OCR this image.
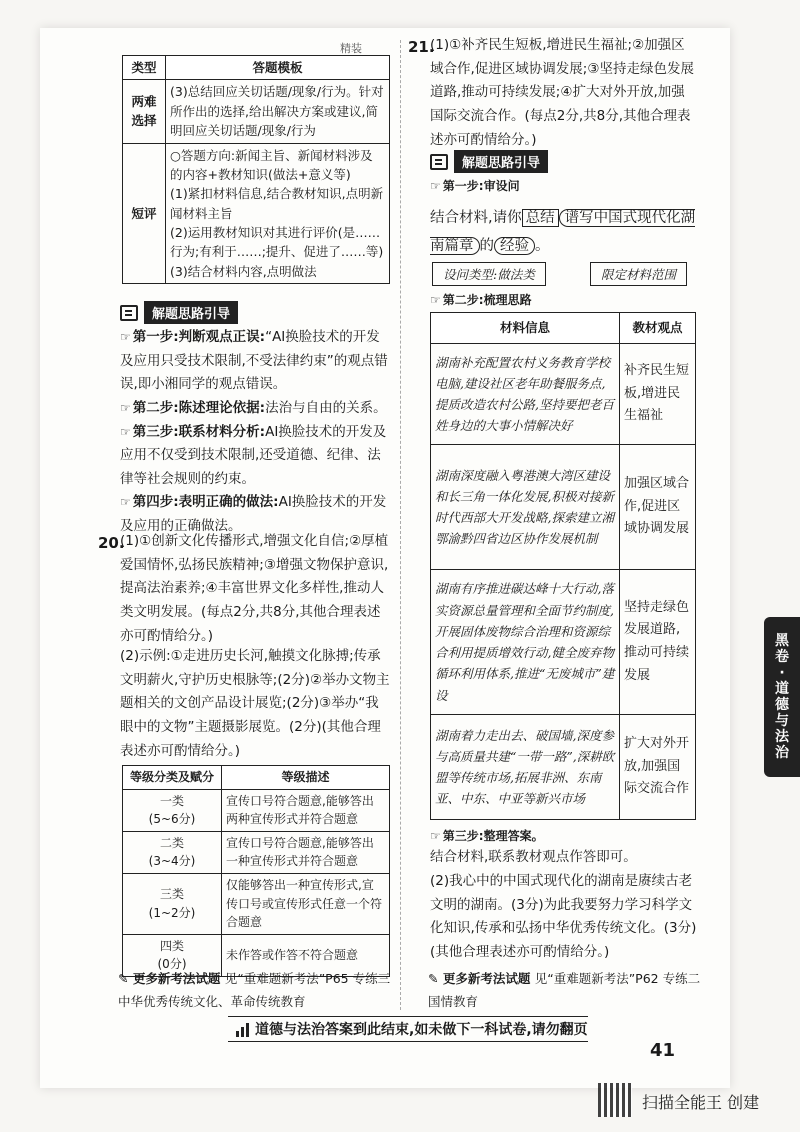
精装
类型	答题模板
两难
选择	(3)总结回应关切话题/现象/行为。针对所作出的选择,给出解决方案或建议,简明回应关切话题/现象/行为
短评	○答题方向:新闻主旨、新闻材料涉及的内容+教材知识(做法+意义等)
(1)紧扣材料信息,结合教材知识,点明新闻材料主旨
(2)运用教材知识对其进行评价(是……行为;有利于……;提升、促进了……等)
(3)结合材料内容,点明做法
解题思路引导
☞ 第一步:判断观点正误:“AI换脸技术的开发及应用只受技术限制,不受法律约束”的观点错误,即小湘同学的观点错误。
☞ 第二步:陈述理论依据:法治与自由的关系。
☞ 第三步:联系材料分析:AI换脸技术的开发及应用不仅受到技术限制,还受道德、纪律、法律等社会规则的约束。
☞ 第四步:表明正确的做法:AI换脸技术的开发及应用的正确做法。
20.
(1)①创新文化传播形式,增强文化自信;②厚植爱国情怀,弘扬民族精神;③增强文物保护意识,提高法治素养;④丰富世界文化多样性,推动人类文明发展。(每点2分,共8分,其他合理表述亦可酌情给分。)
(2)示例:①走进历史长河,触摸文化脉搏;传承文明薪火,守护历史根脉等;(2分)②举办文物主题相关的文创产品设计展览;(2分)③举办“我眼中的文物”主题摄影展览。(2分)(其他合理表述亦可酌情给分。)
等级分类及赋分	等级描述

一类
(5~6分)	宣传口号符合题意,能够答出两种宣传形式并符合题意

二类
(3~4分)	宣传口号符合题意,能够答出一种宣传形式并符合题意

三类
(1~2分)	仅能够答出一种宣传形式,宣传口号或宣传形式任意一个符合题意

四类
(0分)	未作答或作答不符合题意
✎ 更多新考法试题 见“重难题新考法”P65 专练三 中华优秀传统文化、革命传统教育
21.
(1)①补齐民生短板,增进民生福祉;②加强区域合作,促进区域协调发展;③坚持走绿色发展道路,推动可持续发展;④扩大对外开放,加强国际交流合作。(每点2分,共8分,其他合理表述亦可酌情给分。)
解题思路引导
☞ 第一步:审设问
结合材料,请你 总结 谱写中国式现代化湖南篇章 的 经验 。
设问类型:做法类	限定材料范围
☞ 第二步:梳理思路
材料信息	教材观点
湖南补充配置农村义务教育学校电脑,建设社区老年助餐服务点,提质改造农村公路,坚持要把老百姓身边的大事小情解决好	补齐民生短板,增进民生福祉
湖南深度融入粤港澳大湾区建设和长三角一体化发展,积极对接新时代西部大开发战略,探索建立湘鄂渝黔四省边区协作发展机制	加强区域合作,促进区域协调发展
湖南有序推进碳达峰十大行动,落实资源总量管理和全面节约制度,开展固体废物综合治理和资源综合利用提质增效行动,健全废弃物循环利用体系,推进“无废城市”建设	坚持走绿色发展道路,推动可持续发展
湖南着力走出去、破国墙,深度参与高质量共建“一带一路”,深耕欧盟等传统市场,拓展非洲、东南亚、中东、中亚等新兴市场	扩大对外开放,加强国际交流合作
☞ 第三步:整理答案。
结合材料,联系教材观点作答即可。
(2)我心中的中国式现代化的湖南是赓续古老文明的湖南。(3分)为此我要努力学习科学文化知识,传承和弘扬中华优秀传统文化。(3分)(其他合理表述亦可酌情给分。)
✎ 更多新考法试题 见“重难题新考法”P62 专练二 国情教育
黑
卷
·
道
德
与
法
治
道德与法治答案到此结束,如未做下一科试卷,请勿翻页
41
扫描全能王 创建
